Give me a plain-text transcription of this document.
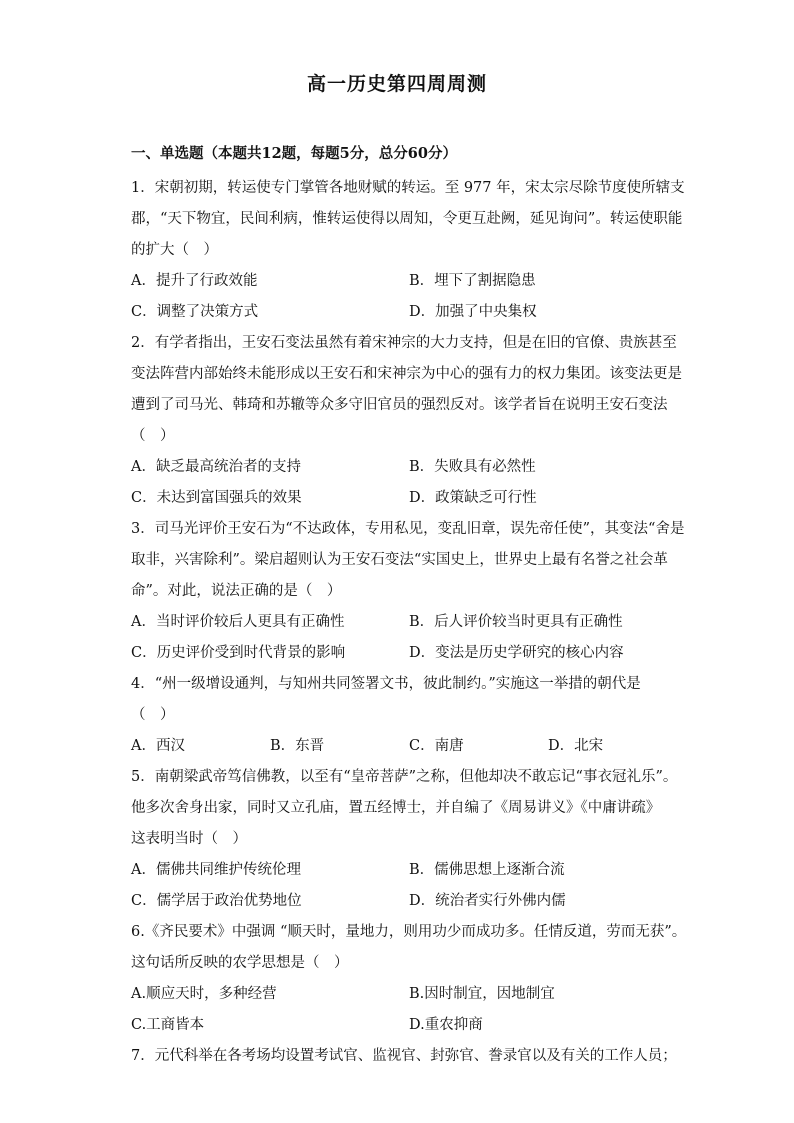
高一历史第四周周测
一、单选题（本题共12题，每题5分，总分60分）
1．宋朝初期，转运使专门掌管各地财赋的转运。至 977 年，宋太宗尽除节度使所辖支
郡，“天下物宜，民间利病，惟转运使得以周知，令更互赴阙，延见询问”。转运使职能
的扩大（　）
A．提升了行政效能	B．埋下了割据隐患
C．调整了决策方式	D．加强了中央集权
2．有学者指出，王安石变法虽然有着宋神宗的大力支持，但是在旧的官僚、贵族甚至
变法阵营内部始终未能形成以王安石和宋神宗为中心的强有力的权力集团。该变法更是
遭到了司马光、韩琦和苏辙等众多守旧官员的强烈反对。该学者旨在说明王安石变法
（　）
A．缺乏最高统治者的支持	B．失败具有必然性
C．未达到富国强兵的效果	D．政策缺乏可行性
3．司马光评价王安石为“不达政体，专用私见，变乱旧章，误先帝任使”，其变法“舍是
取非，兴害除利”。梁启超则认为王安石变法“实国史上，世界史上最有名誉之社会革
命”。对此，说法正确的是（　）
A．当时评价较后人更具有正确性	B．后人评价较当时更具有正确性
C．历史评价受到时代背景的影响	D．变法是历史学研究的核心内容
4．“州一级增设通判，与知州共同签署文书，彼此制约。”实施这一举措的朝代是
（　）
A．西汉	B．东晋	C．南唐	D．北宋
5．南朝梁武帝笃信佛教，以至有“皇帝菩萨”之称，但他却决不敢忘记“事衣冠礼乐”。
他多次舍身出家，同时又立孔庙，置五经博士，并自编了《周易讲义》《中庸讲疏》
这表明当时（　）
A．儒佛共同维护传统伦理	B．儒佛思想上逐渐合流
C．儒学居于政治优势地位	D．统治者实行外佛内儒
6.《齐民要术》中强调 “顺天时，量地力，则用功少而成功多。任情反道，劳而无获”。
这句话所反映的农学思想是（　）
A.顺应天时，多种经营	B.因时制宜，因地制宜
C.工商皆本	D.重农抑商
7．元代科举在各考场均设置考试官、监视官、封弥官、誊录官以及有关的工作人员；
